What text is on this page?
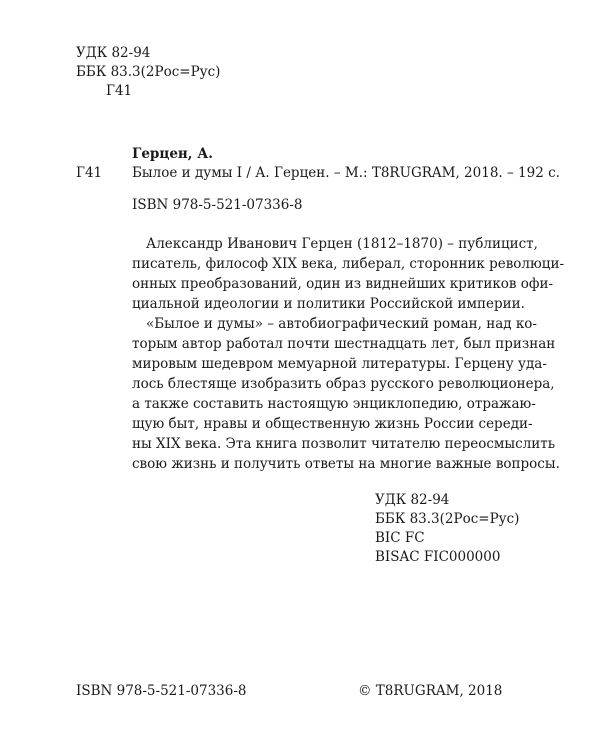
УДК 82-94
ББК 83.3(2Рос=Рус)
Г41
Герцен, А.
Г41 Былое и думы I / А. Герцен. – М.: T8RUGRAM, 2018. – 192 с.
ISBN 978-5-521-07336-8
Александр Иванович Герцен (1812–1870) – публицист,
писатель, философ XIX века, либерал, сторонник революци-
онных преобразований, один из виднейших критиков офи-
циальной идеологии и политики Российской империи.
«Былое и думы» – автобиографический роман, над ко-
торым автор работал почти шестнадцать лет, был признан
мировым шедевром мемуарной литературы. Герцену уда-
лось блестяще изобразить образ русского революционера,
а также составить настоящую энциклопедию, отражаю-
щую быт, нравы и общественную жизнь России середи-
ны XIX века. Эта книга позволит читателю переосмыслить
свою жизнь и получить ответы на многие важные вопросы.
УДК 82-94
ББК 83.3(2Рос=Рус)
BIC FC
BISAC FIC000000
ISBN 978-5-521-07336-8	© T8RUGRAM, 2018
